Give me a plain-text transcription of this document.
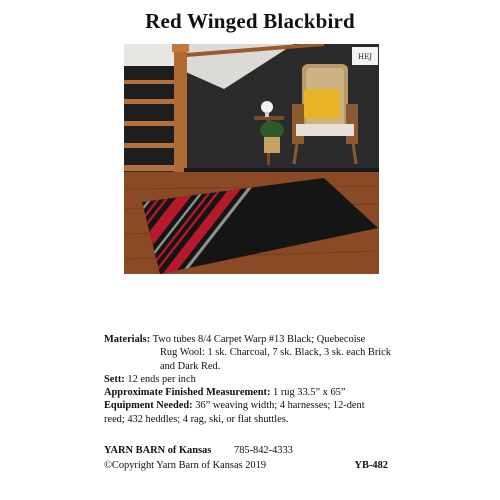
Red Winged Blackbird
HEJ
Materials: Two tubes 8/4 Carpet Warp #13 Black; Quebecoise
Rug Wool: 1 sk. Charcoal, 7 sk. Black, 3 sk. each Brick
and Dark Red.
Sett: 12 ends per inch
Approximate Finished Measurement: 1 rug 33.5” x 65”
Equipment Needed: 36” weaving width; 4 harnesses; 12-dent
reed; 432 heddles; 4 rag, ski, or flat shuttles.
YARN BARN of Kansas 785-842-4333
©Copyright Yarn Barn of Kansas 2019	YB-482
